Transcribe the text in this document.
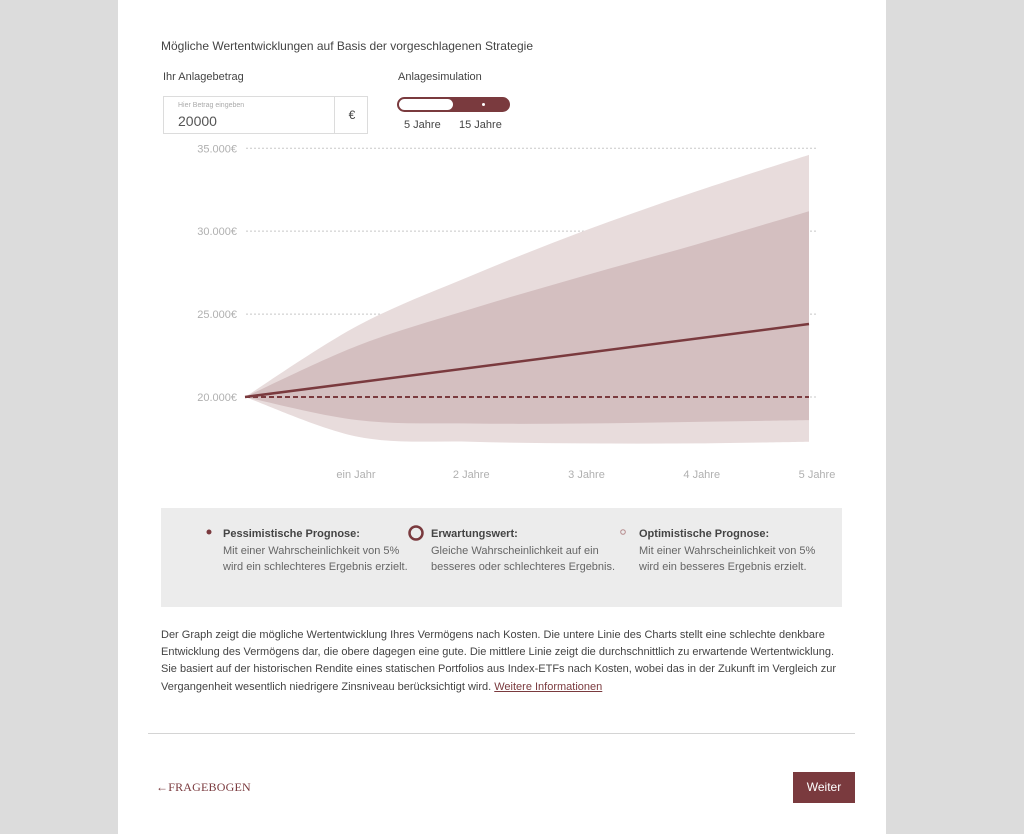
Mögliche Wertentwicklungen auf Basis der vorgeschlagenen Strategie
Ihr Anlagebetrag
Hier Betrag eingeben
20000	€
Anlagesimulation
5 Jahre 15 Jahre
35.000€
30.000€
25.000€
20.000€
ein Jahr	2 Jahre	3 Jahre	4 Jahre	5 Jahre
Pessimistische Prognose:
Mit einer Wahrscheinlichkeit von 5% wird ein schlechteres Ergebnis erzielt.
Erwartungswert:
Gleiche Wahrscheinlichkeit auf ein besseres oder schlechteres Ergebnis.
Optimistische Prognose:
Mit einer Wahrscheinlichkeit von 5% wird ein besseres Ergebnis erzielt.
Der Graph zeigt die mögliche Wertentwicklung Ihres Vermögens nach Kosten. Die untere Linie des Charts stellt eine schlechte denkbare Entwicklung des Vermögens dar, die obere dagegen eine gute. Die mittlere Linie zeigt die durchschnittlich zu erwartende Wertentwicklung. Sie basiert auf der historischen Rendite eines statischen Portfolios aus Index-ETFs nach Kosten, wobei das in der Zukunft im Vergleich zur Vergangenheit wesentlich niedrigere Zinsniveau berücksichtigt wird. Weitere Informationen
←FRAGEBOGEN	Weiter
